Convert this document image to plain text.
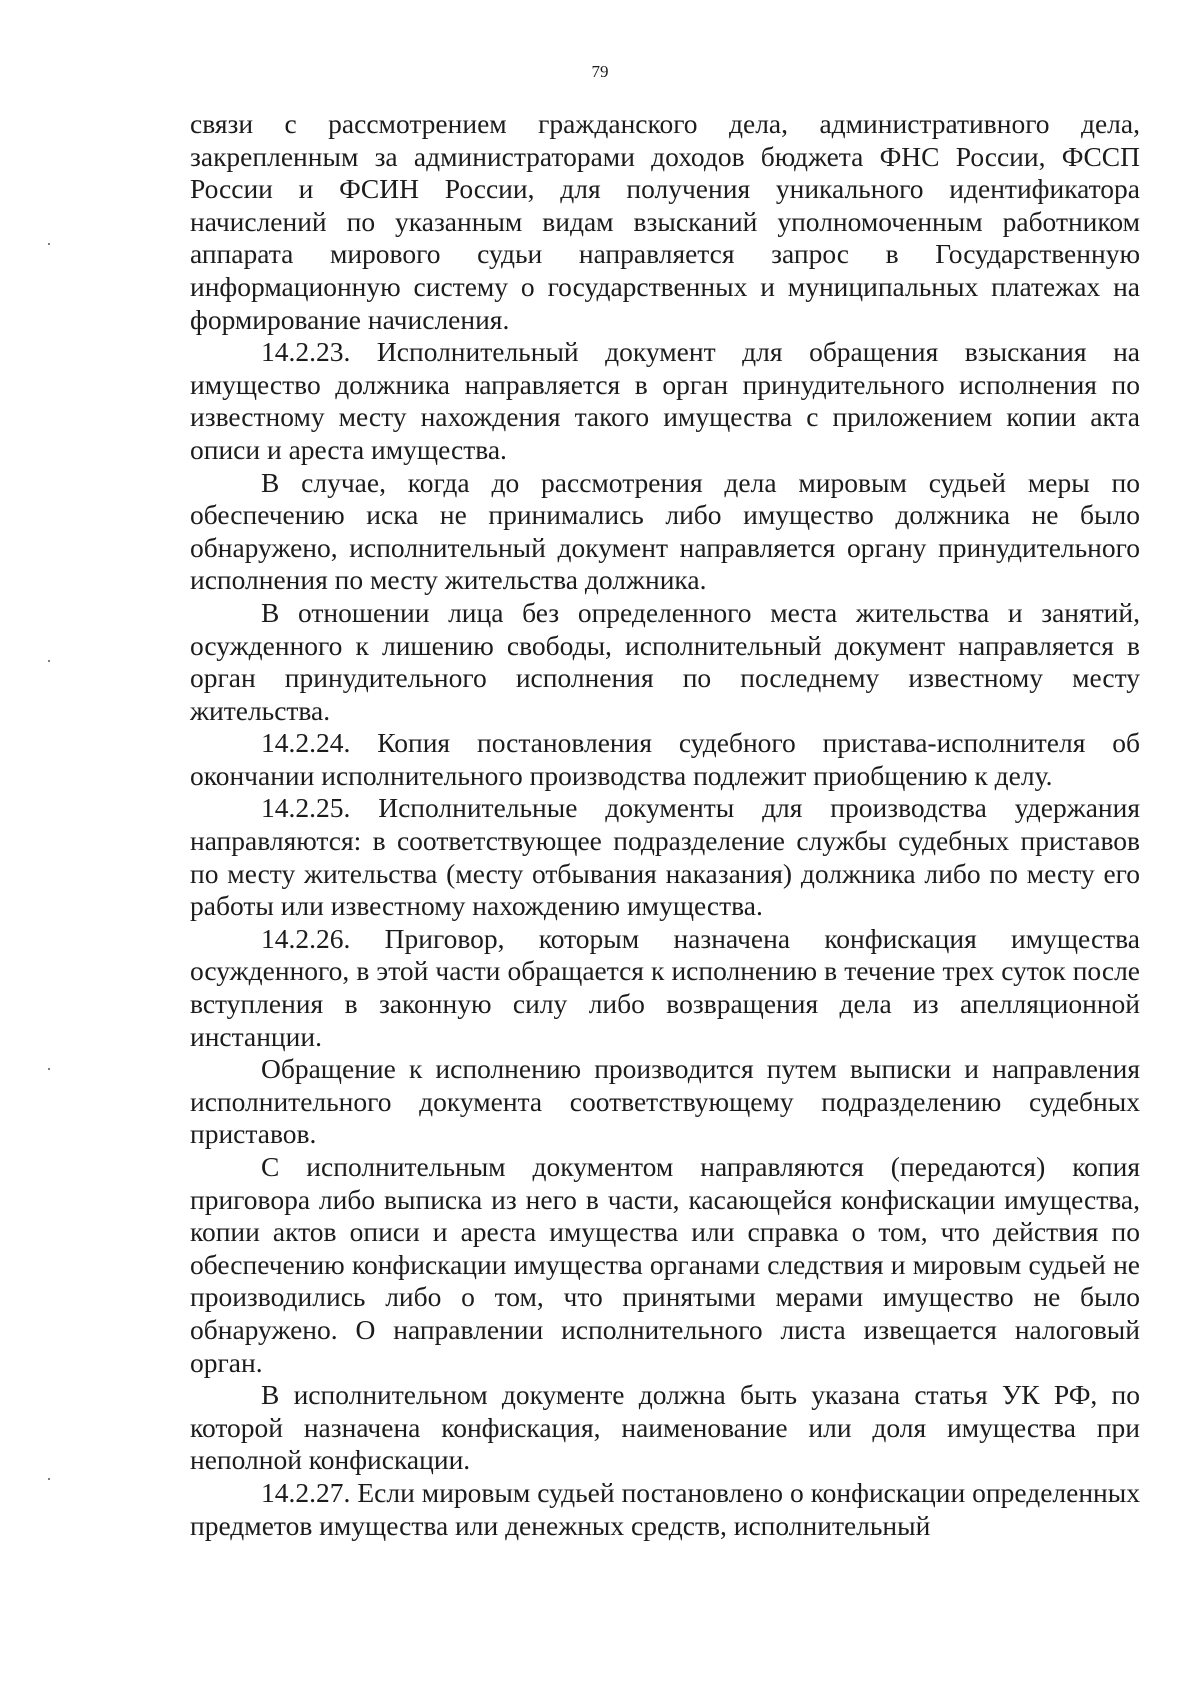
79

связи с рассмотрением гражданского дела, административного дела, закрепленным за администраторами доходов бюджета ФНС России, ФССП России и ФСИН России, для получения уникального идентификатора начислений по указанным видам взысканий уполномоченным работником аппарата мирового судьи направляется запрос в Государственную информационную систему о государственных и муниципальных платежах на формирование начисления.

14.2.23. Исполнительный документ для обращения взыскания на имущество должника направляется в орган принудительного исполнения по известному месту нахождения такого имущества с приложением копии акта описи и ареста имущества.

В случае, когда до рассмотрения дела мировым судьей меры по обеспечению иска не принимались либо имущество должника не было обнаружено, исполнительный документ направляется органу принудительного исполнения по месту жительства должника.

В отношении лица без определенного места жительства и занятий, осужденного к лишению свободы, исполнительный документ направляется в орган принудительного исполнения по последнему известному месту жительства.

14.2.24. Копия постановления судебного пристава-исполнителя об окончании исполнительного производства подлежит приобщению к делу.

14.2.25. Исполнительные документы для производства удержания направляются: в соответствующее подразделение службы судебных приставов по месту жительства (месту отбывания наказания) должника либо по месту его работы или известному нахождению имущества.

14.2.26. Приговор, которым назначена конфискация имущества осужденного, в этой части обращается к исполнению в течение трех суток после вступления в законную силу либо возвращения дела из апелляционной инстанции.

Обращение к исполнению производится путем выписки и направления исполнительного документа соответствующему подразделению судебных приставов.

С исполнительным документом направляются (передаются) копия приговора либо выписка из него в части, касающейся конфискации имущества, копии актов описи и ареста имущества или справка о том, что действия по обеспечению конфискации имущества органами следствия и мировым судьей не производились либо о том, что принятыми мерами имущество не было обнаружено. О направлении исполнительного листа извещается налоговый орган.

В исполнительном документе должна быть указана статья УК РФ, по которой назначена конфискация, наименование или доля имущества при неполной конфискации.

14.2.27. Если мировым судьей постановлено о конфискации определенных предметов имущества или денежных средств, исполнительный
